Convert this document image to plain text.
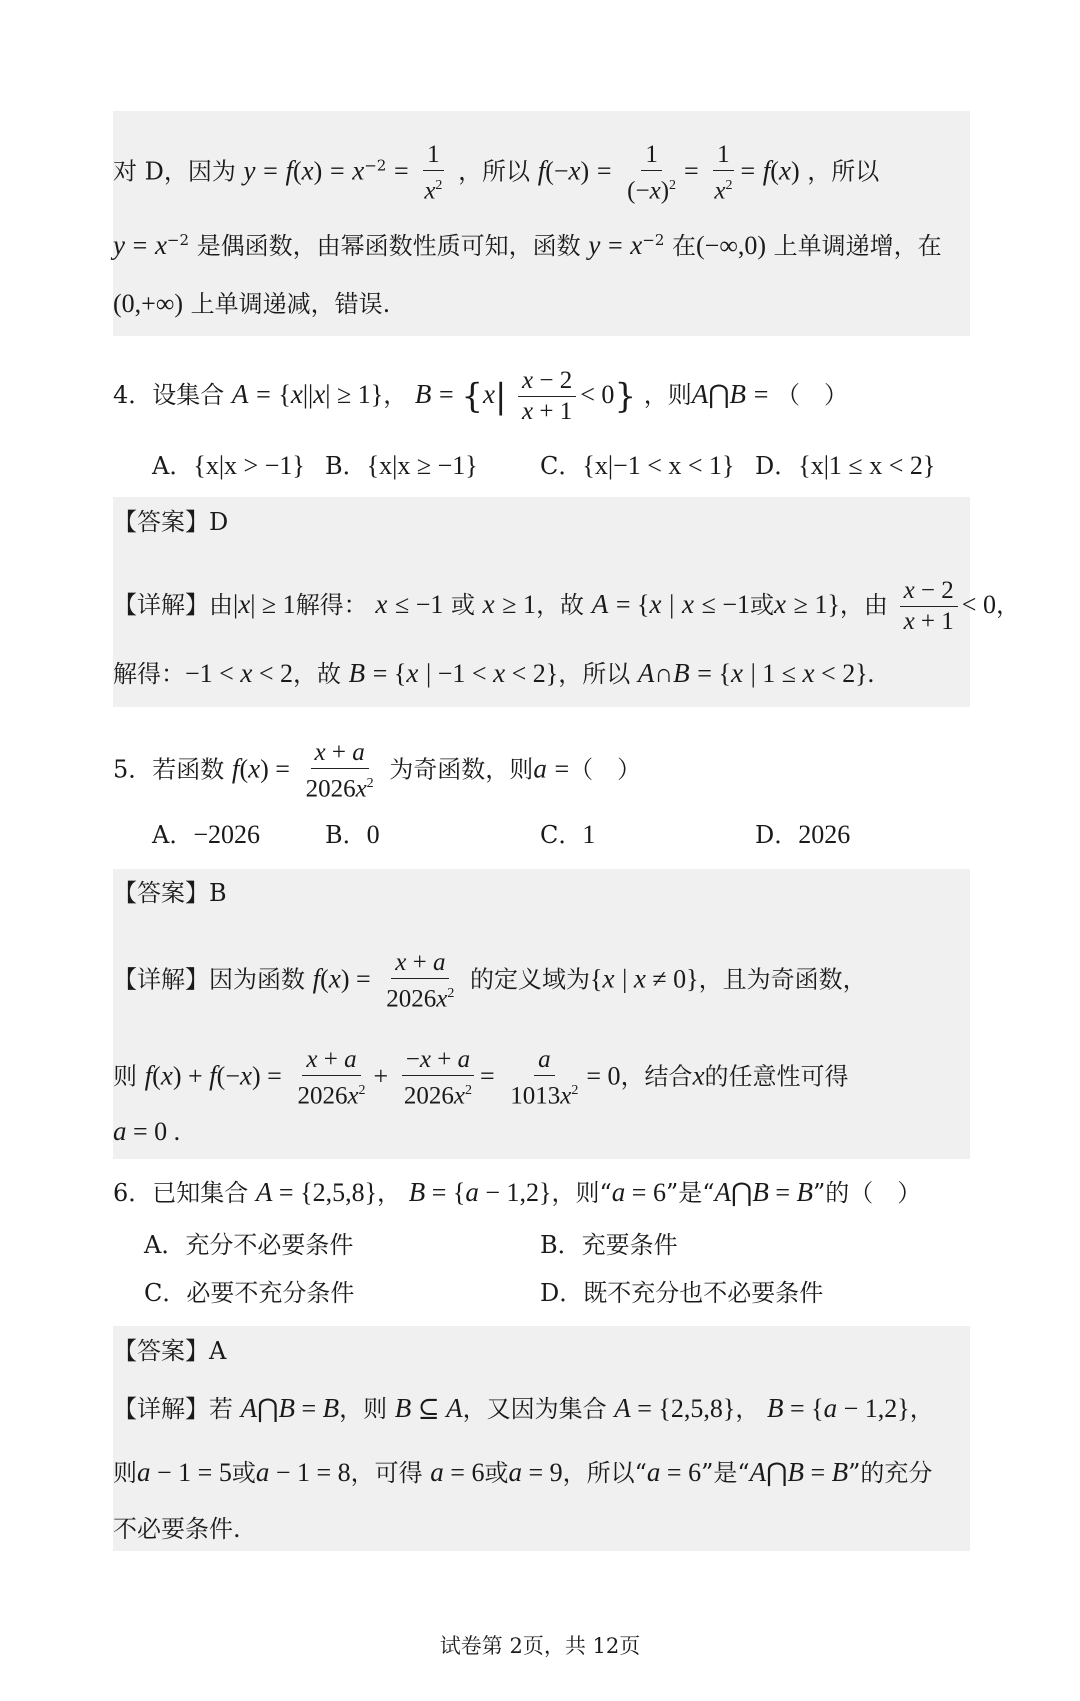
对 D，因为 $y = f(x) = x^{-2} = \frac{1}{x^2}$ ，所以 $f(-x) = \frac{1}{(-x)^2} = \frac{1}{x^2} = f(x)$ ，所以
$y = x^{-2}$ 是偶函数，由幂函数性质可知，函数 $y = x^{-2}$ 在(−∞,0) 上单调递增，在
(0,+∞) 上单调递减，错误.
4．设集合 A = {x||x| ≥ 1}， $B = \{x| \frac{x - 2}{x + 1} < 0\}$ ，则A⋂B = （　）
A．{x|x > −1} B．{x|x ≥ −1}	C．{x|−1 < x < 1} D．{x|1 ≤ x < 2}
【答案】D
【详解】由|x| ≥ 1解得： x ≤ −1 或 x ≥ 1，故 A = {x | x ≤ −1或x ≥ 1}，由 $\frac{x - 2}{x + 1} < 0$，
解得：−1 < x < 2，故 B = {x | −1 < x < 2}，所以 A∩B = {x | 1 ≤ x < 2}.
5．若函数 $f(x) = \frac{x + a}{2026x^2}$ 为奇函数，则a =（　）
A．−2026	B．0	C．1	D．2026
【答案】B
【详解】因为函数 $f(x) = \frac{x + a}{2026x^2}$ 的定义域为{x | x ≠ 0}，且为奇函数，
则 $f(x) + f(-x) = \frac{x + a}{2026x^2} + \frac{-x + a}{2026x^2} = \frac{a}{1013x^2} = 0$，结合x的任意性可得
a = 0 .
6．已知集合 A = {2,5,8}， B = {a − 1,2}，则“a = 6”是“A⋂B = B”的（　）
A．充分不必要条件	B．充要条件
C．必要不充分条件	D．既不充分也不必要条件
【答案】A
【详解】若 A⋂B = B，则 B ⊆ A，又因为集合 A = {2,5,8}， B = {a − 1,2}，
则a − 1 = 5或a − 1 = 8，可得 a = 6或a = 9，所以“a = 6”是“A⋂B = B”的充分
不必要条件.
试卷第 2页，共 12页
